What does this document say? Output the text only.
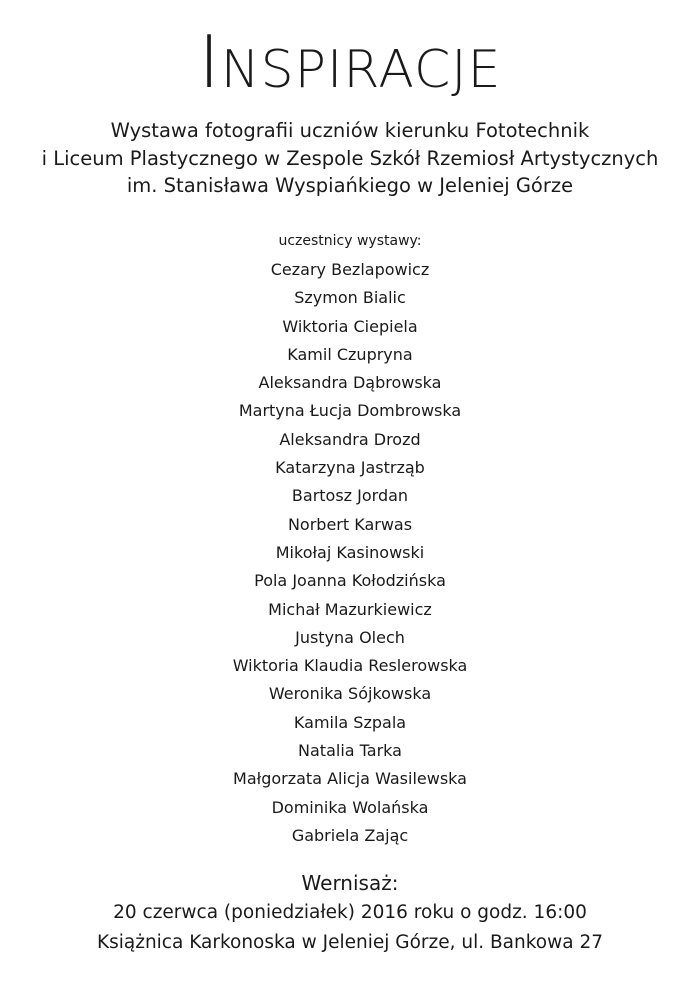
INSPIRACJE
Wystawa fotografii uczniów kierunku Fototechnik
i Liceum Plastycznego w Zespole Szkół Rzemiosł Artystycznych
im. Stanisława Wyspiańkiego w Jeleniej Górze
uczestnicy wystawy:
Cezary Bezlapowicz
Szymon Bialic
Wiktoria Ciepiela
Kamil Czupryna
Aleksandra Dąbrowska
Martyna Łucja Dombrowska
Aleksandra Drozd
Katarzyna Jastrząb
Bartosz Jordan
Norbert Karwas
Mikołaj Kasinowski
Pola Joanna Kołodzińska
Michał Mazurkiewicz
Justyna Olech
Wiktoria Klaudia Reslerowska
Weronika Sójkowska
Kamila Szpala
Natalia Tarka
Małgorzata Alicja Wasilewska
Dominika Wolańska
Gabriela Zając
Wernisaż:
20 czerwca (poniedziałek) 2016 roku o godz. 16:00
Książnica Karkonoska w Jeleniej Górze, ul. Bankowa 27
